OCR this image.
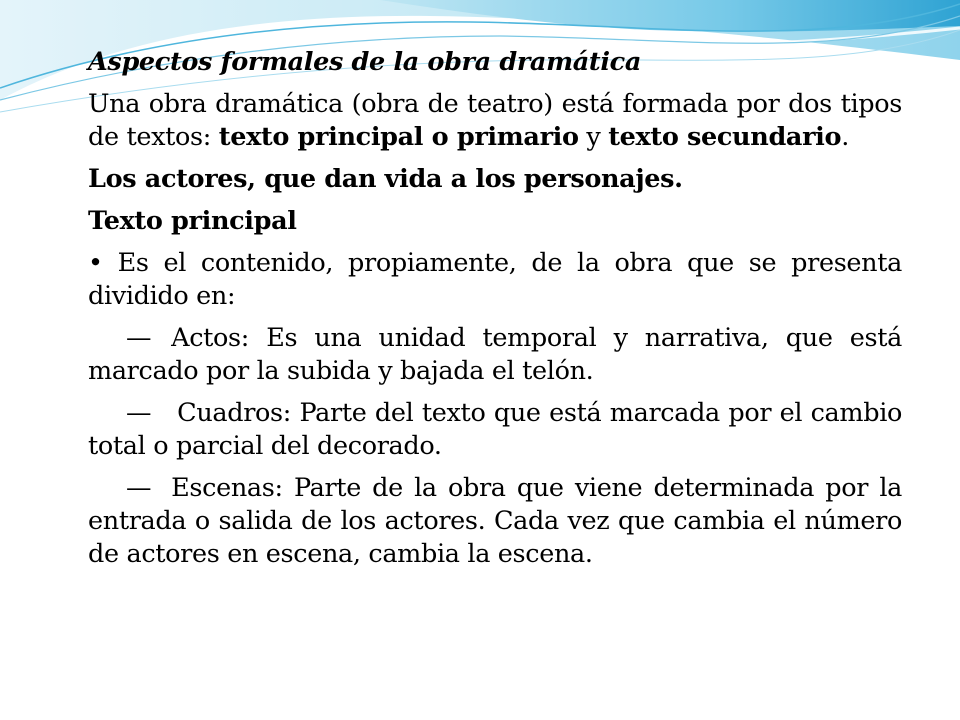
Aspectos formales de la obra dramática

Una obra dramática (obra de teatro) está formada por dos tipos de textos: texto principal o primario y texto secundario.

Los actores, que dan vida a los personajes.

Texto principal

• Es el contenido, propiamente, de la obra que se presenta dividido en:

— Actos: Es una unidad temporal y narrativa, que está marcado por la subida y bajada el telón.

— Cuadros: Parte del texto que está marcada por el cambio total o parcial del decorado.

— Escenas: Parte de la obra que viene determinada por la entrada o salida de los actores. Cada vez que cambia el número de actores en escena, cambia la escena.
